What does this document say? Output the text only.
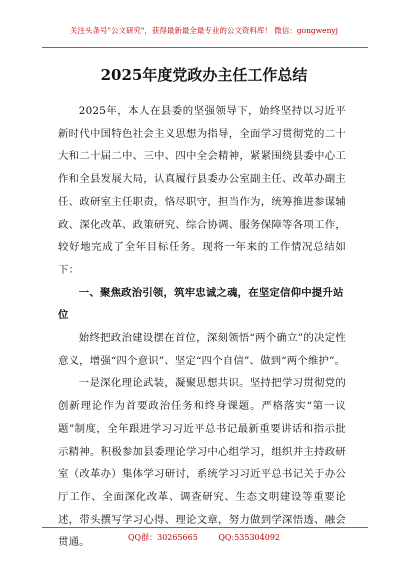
关注头条号"公文研究"，获得最新最全最专业的公文资料库！ 微信：gongwenyj
2025年度党政办主任工作总结

2025年，本人在县委的坚强领导下，始终坚持以习近平新时代中国特色社会主义思想为指导，全面学习贯彻党的二十大和二十届二中、三中、四中全会精神，紧紧围绕县委中心工作和全县发展大局，认真履行县委办公室副主任、改革办副主任、政研室主任职责，恪尽职守，担当作为，统筹推进参谋辅政、深化改革、政策研究、综合协调、服务保障等各项工作，较好地完成了全年目标任务。现将一年来的工作情况总结如下：

一、聚焦政治引领，筑牢忠诚之魂，在坚定信仰中提升站位

始终把政治建设摆在首位，深刻领悟“两个确立”的决定性意义，增强“四个意识”、坚定“四个自信”、做到“两个维护”。

一是深化理论武装，凝聚思想共识。坚持把学习贯彻党的创新理论作为首要政治任务和终身课题。严格落实“第一议题”制度，全年跟进学习习近平总书记最新重要讲话和指示批示精神。积极参加县委理论学习中心组学习，组织并主持政研室（改革办）集体学习研讨，系统学习习近平总书记关于办公厅工作、全面深化改革、调查研究、生态文明建设等重要论述，带头撰写学习心得、理论文章，努力做到学深悟透、融会贯通。	QQ群：30265665	QQ:535304092
